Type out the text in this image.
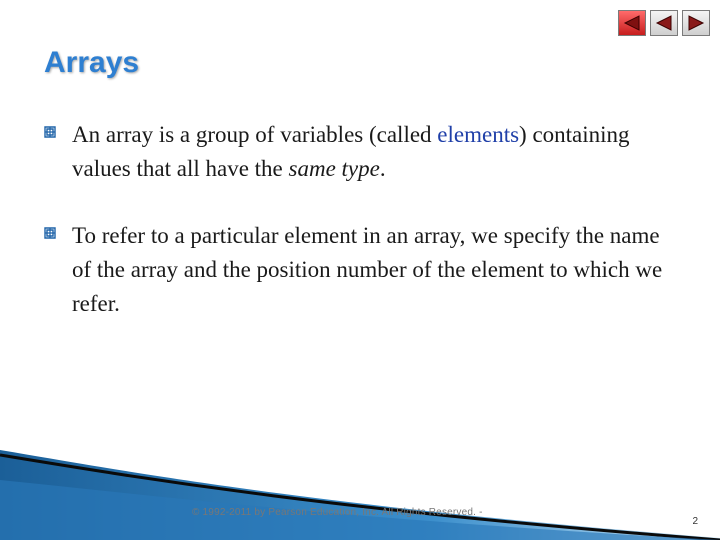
Arrays
An array is a group of variables (called elements) containing values that all have the same type.
To refer to a particular element in an array, we specify the name of the array and the position number of the element to which we refer.
© 1992-2011 by Pearson Education, Inc. All Rights Reserved. -
2
